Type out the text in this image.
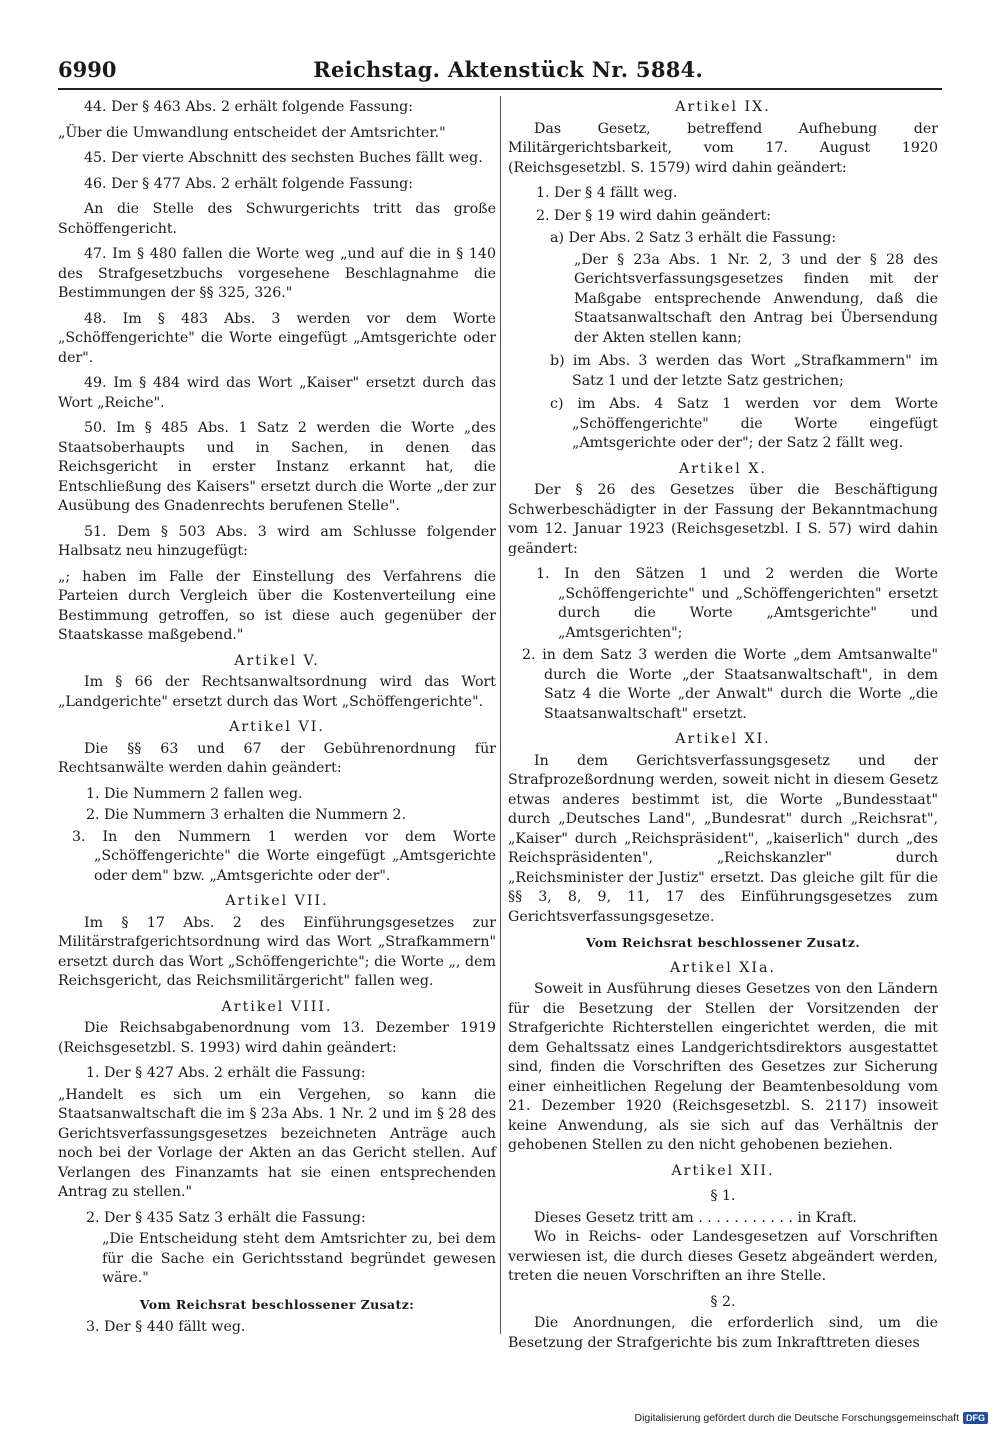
6990	Reichstag. Aktenstück Nr. 5884.

44. Der § 463 Abs. 2 erhält folgende Fassung:

„Über die Umwandlung entscheidet der Amtsrichter."

45. Der vierte Abschnitt des sechsten Buches fällt weg.

46. Der § 477 Abs. 2 erhält folgende Fassung:

An die Stelle des Schwurgerichts tritt das große Schöffengericht.

47. Im § 480 fallen die Worte weg „und auf die in § 140 des Strafgesetzbuchs vorgesehene Beschlagnahme die Bestimmungen der §§ 325, 326."

48. Im § 483 Abs. 3 werden vor dem Worte „Schöffengerichte" die Worte eingefügt „Amtsgerichte oder der".

49. Im § 484 wird das Wort „Kaiser" ersetzt durch das Wort „Reiche".

50. Im § 485 Abs. 1 Satz 2 werden die Worte „des Staatsoberhaupts und in Sachen, in denen das Reichsgericht in erster Instanz erkannt hat, die Entschließung des Kaisers" ersetzt durch die Worte „der zur Ausübung des Gnadenrechts berufenen Stelle".

51. Dem § 503 Abs. 3 wird am Schlusse folgender Halbsatz neu hinzugefügt:

„; haben im Falle der Einstellung des Verfahrens die Parteien durch Vergleich über die Kostenverteilung eine Bestimmung getroffen, so ist diese auch gegenüber der Staatskasse maßgebend."

Artikel V.

Im § 66 der Rechtsanwaltsordnung wird das Wort „Landgerichte" ersetzt durch das Wort „Schöffengerichte".

Artikel VI.

Die §§ 63 und 67 der Gebührenordnung für Rechtsanwälte werden dahin geändert:

1. Die Nummern 2 fallen weg.

2. Die Nummern 3 erhalten die Nummern 2.

3. In den Nummern 1 werden vor dem Worte „Schöffengerichte" die Worte eingefügt „Amtsgerichte oder dem" bzw. „Amtsgerichte oder der".

Artikel VII.

Im § 17 Abs. 2 des Einführungsgesetzes zur Militärstrafgerichtsordnung wird das Wort „Strafkammern" ersetzt durch das Wort „Schöffengerichte"; die Worte „, dem Reichsgericht, das Reichsmilitärgericht" fallen weg.

Artikel VIII.

Die Reichsabgabenordnung vom 13. Dezember 1919 (Reichsgesetzbl. S. 1993) wird dahin geändert:

1. Der § 427 Abs. 2 erhält die Fassung:

„Handelt es sich um ein Vergehen, so kann die Staatsanwaltschaft die im § 23a Abs. 1 Nr. 2 und im § 28 des Gerichtsverfassungsgesetzes bezeichneten Anträge auch noch bei der Vorlage der Akten an das Gericht stellen. Auf Verlangen des Finanzamts hat sie einen entsprechenden Antrag zu stellen."

2. Der § 435 Satz 3 erhält die Fassung:

„Die Entscheidung steht dem Amtsrichter zu, bei dem für die Sache ein Gerichtsstand begründet gewesen wäre."

Vom Reichsrat beschlossener Zusatz:

3. Der § 440 fällt weg.

Artikel IX.

Das Gesetz, betreffend Aufhebung der Militärgerichtsbarkeit, vom 17. August 1920 (Reichsgesetzbl. S. 1579) wird dahin geändert:

1. Der § 4 fällt weg.

2. Der § 19 wird dahin geändert:

a) Der Abs. 2 Satz 3 erhält die Fassung:

„Der § 23a Abs. 1 Nr. 2, 3 und der § 28 des Gerichtsverfassungsgesetzes finden mit der Maßgabe entsprechende Anwendung, daß die Staatsanwaltschaft den Antrag bei Übersendung der Akten stellen kann;

b) im Abs. 3 werden das Wort „Strafkammern" im Satz 1 und der letzte Satz gestrichen;

c) im Abs. 4 Satz 1 werden vor dem Worte „Schöffengerichte" die Worte eingefügt „Amtsgerichte oder der"; der Satz 2 fällt weg.

Artikel X.

Der § 26 des Gesetzes über die Beschäftigung Schwerbeschädigter in der Fassung der Bekanntmachung vom 12. Januar 1923 (Reichsgesetzbl. I S. 57) wird dahin geändert:

1. In den Sätzen 1 und 2 werden die Worte „Schöffengerichte" und „Schöffengerichten" ersetzt durch die Worte „Amtsgerichte" und „Amtsgerichten";

2. in dem Satz 3 werden die Worte „dem Amtsanwalte" durch die Worte „der Staatsanwaltschaft", in dem Satz 4 die Worte „der Anwalt" durch die Worte „die Staatsanwaltschaft" ersetzt.

Artikel XI.

In dem Gerichtsverfassungsgesetz und der Strafprozeßordnung werden, soweit nicht in diesem Gesetz etwas anderes bestimmt ist, die Worte „Bundesstaat" durch „Deutsches Land", „Bundesrat" durch „Reichsrat", „Kaiser" durch „Reichspräsident", „kaiserlich" durch „des Reichspräsidenten", „Reichskanzler" durch „Reichsminister der Justiz" ersetzt. Das gleiche gilt für die §§ 3, 8, 9, 11, 17 des Einführungsgesetzes zum Gerichtsverfassungsgesetze.

Vom Reichsrat beschlossener Zusatz.

Artikel XIa.

Soweit in Ausführung dieses Gesetzes von den Ländern für die Besetzung der Stellen der Vorsitzenden der Strafgerichte Richterstellen eingerichtet werden, die mit dem Gehaltssatz eines Landgerichtsdirektors ausgestattet sind, finden die Vorschriften des Gesetzes zur Sicherung einer einheitlichen Regelung der Beamtenbesoldung vom 21. Dezember 1920 (Reichsgesetzbl. S. 2117) insoweit keine Anwendung, als sie sich auf das Verhältnis der gehobenen Stellen zu den nicht gehobenen beziehen.

Artikel XII.

§ 1.

Dieses Gesetz tritt am . . . . . . . . . . . in Kraft.

Wo in Reichs- oder Landesgesetzen auf Vorschriften verwiesen ist, die durch dieses Gesetz abgeändert werden, treten die neuen Vorschriften an ihre Stelle.

§ 2.

Die Anordnungen, die erforderlich sind, um die Besetzung der Strafgerichte bis zum Inkrafttreten dieses

Digitalisierung gefördert durch die Deutsche Forschungsgemeinschaft DFG
